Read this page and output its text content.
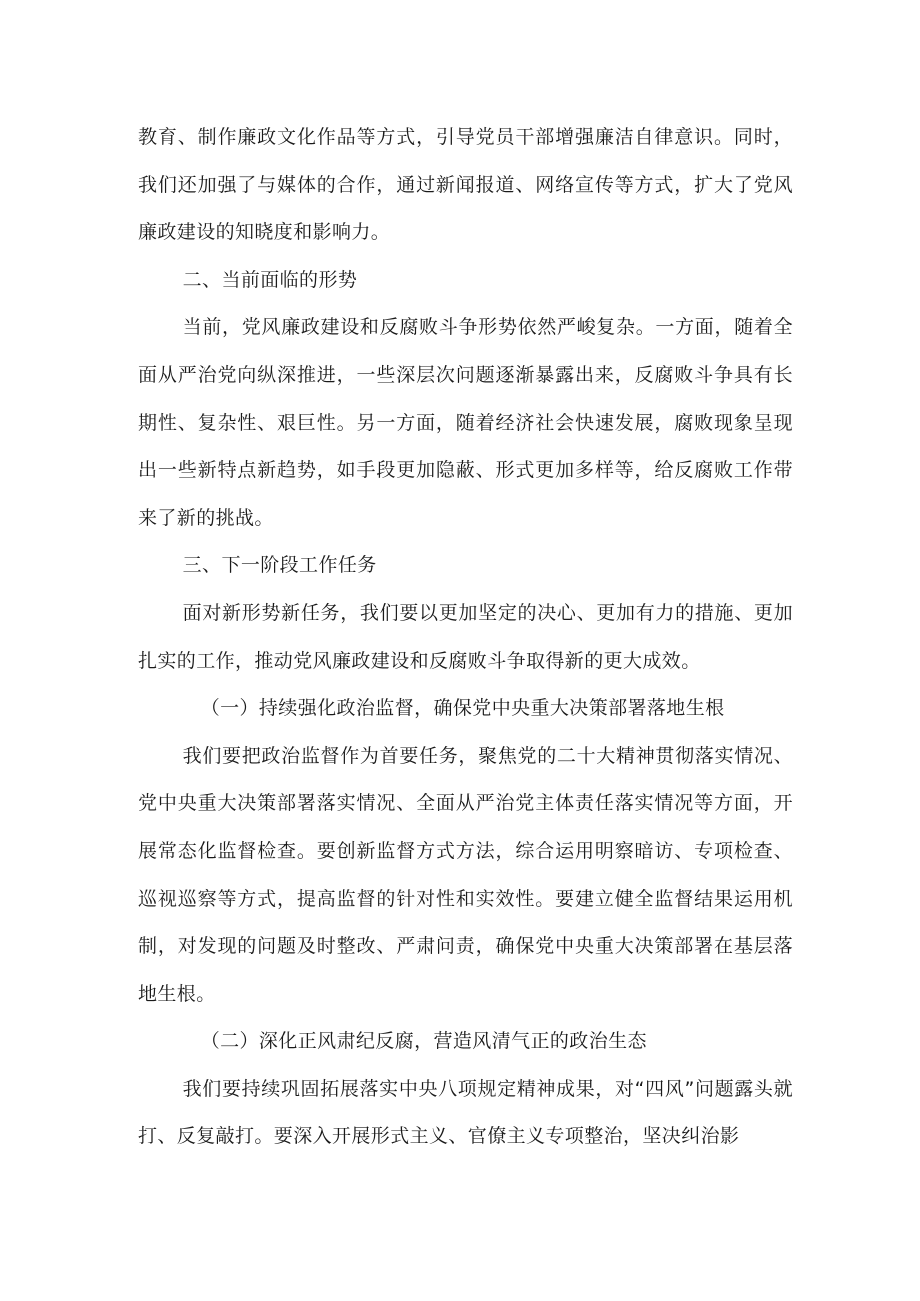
教育、制作廉政文化作品等方式，引导党员干部增强廉洁自律意识。同时，我们还加强了与媒体的合作，通过新闻报道、网络宣传等方式，扩大了党风廉政建设的知晓度和影响力。

二、当前面临的形势

当前，党风廉政建设和反腐败斗争形势依然严峻复杂。一方面，随着全面从严治党向纵深推进，一些深层次问题逐渐暴露出来，反腐败斗争具有长期性、复杂性、艰巨性。另一方面，随着经济社会快速发展，腐败现象呈现出一些新特点新趋势，如手段更加隐蔽、形式更加多样等，给反腐败工作带来了新的挑战。

三、下一阶段工作任务

面对新形势新任务，我们要以更加坚定的决心、更加有力的措施、更加扎实的工作，推动党风廉政建设和反腐败斗争取得新的更大成效。

（一）持续强化政治监督，确保党中央重大决策部署落地生根

我们要把政治监督作为首要任务，聚焦党的二十大精神贯彻落实情况、党中央重大决策部署落实情况、全面从严治党主体责任落实情况等方面，开展常态化监督检查。要创新监督方式方法，综合运用明察暗访、专项检查、巡视巡察等方式，提高监督的针对性和实效性。要建立健全监督结果运用机制，对发现的问题及时整改、严肃问责，确保党中央重大决策部署在基层落地生根。

（二）深化正风肃纪反腐，营造风清气正的政治生态

我们要持续巩固拓展落实中央八项规定精神成果，对“四风”问题露头就打、反复敲打。要深入开展形式主义、官僚主义专项整治，坚决纠治影
